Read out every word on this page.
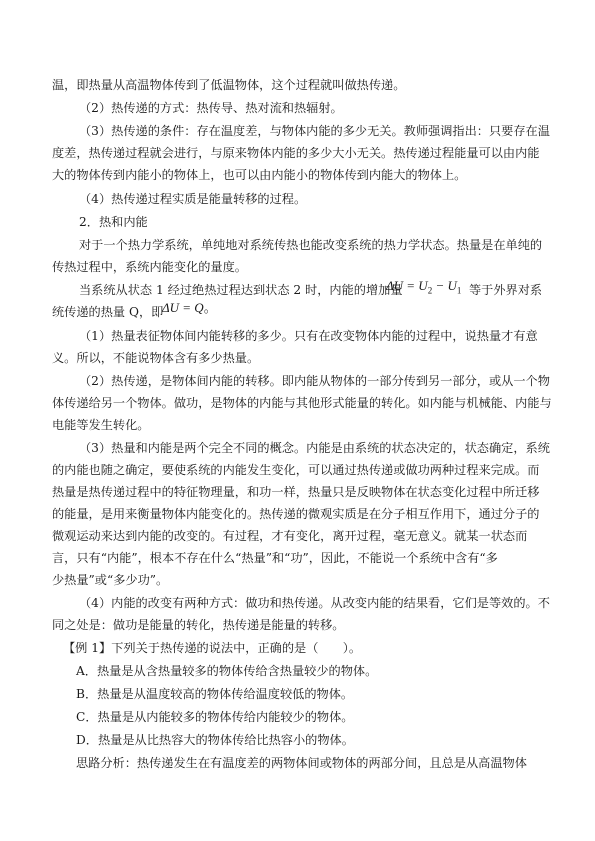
温，即热量从高温物体传到了低温物体，这个过程就叫做热传递。
（2）热传递的方式：热传导、热对流和热辐射。
（3）热传递的条件：存在温度差，与物体内能的多少无关。教师强调指出：只要存在温
度差，热传递过程就会进行，与原来物体内能的多少大小无关。热传递过程能量可以由内能
大的物体传到内能小的物体上，也可以由内能小的物体传到内能大的物体上。
（4）热传递过程实质是能量转移的过程。
2．热和内能
对于一个热力学系统，单纯地对系统传热也能改变系统的热力学状态。热量是在单纯的
传热过程中，系统内能变化的量度。
当系统从状态 1 经过绝热过程达到状态 2 时，内能的增加量
$\Delta U = U_2 - U_1$ 等于外界对系
统传递的热量 Q，即
ΔU = Q。
（1）热量表征物体间内能转移的多少。只有在改变物体内能的过程中，说热量才有意
义。所以，不能说物体含有多少热量。
（2）热传递，是物体间内能的转移。即内能从物体的一部分传到另一部分，或从一个物
体传递给另一个物体。做功，是物体的内能与其他形式能量的转化。如内能与机械能、内能与
电能等发生转化。
（3）热量和内能是两个完全不同的概念。内能是由系统的状态决定的，状态确定，系统
的内能也随之确定，要使系统的内能发生变化，可以通过热传递或做功两种过程来完成。而
热量是热传递过程中的特征物理量，和功一样，热量只是反映物体在状态变化过程中所迁移
的能量，是用来衡量物体内能变化的。热传递的微观实质是在分子相互作用下，通过分子的
微观运动来达到内能的改变的。有过程，才有变化，离开过程，毫无意义。就某一状态而
言，只有“内能”，根本不存在什么“热量”和“功”，因此，不能说一个系统中含有“多
少热量”或“多少功”。
（4）内能的改变有两种方式：做功和热传递。从改变内能的结果看，它们是等效的。不
同之处是：做功是能量的转化，热传递是能量的转移。
【例 1】下列关于热传递的说法中，正确的是（　　）。
A．热量是从含热量较多的物体传给含热量较少的物体。
B．热量是从温度较高的物体传给温度较低的物体。
C．热量是从内能较多的物体传给内能较少的物体。
D．热量是从比热容大的物体传给比热容小的物体。
思路分析：热传递发生在有温度差的两物体间或物体的两部分间，且总是从高温物体
